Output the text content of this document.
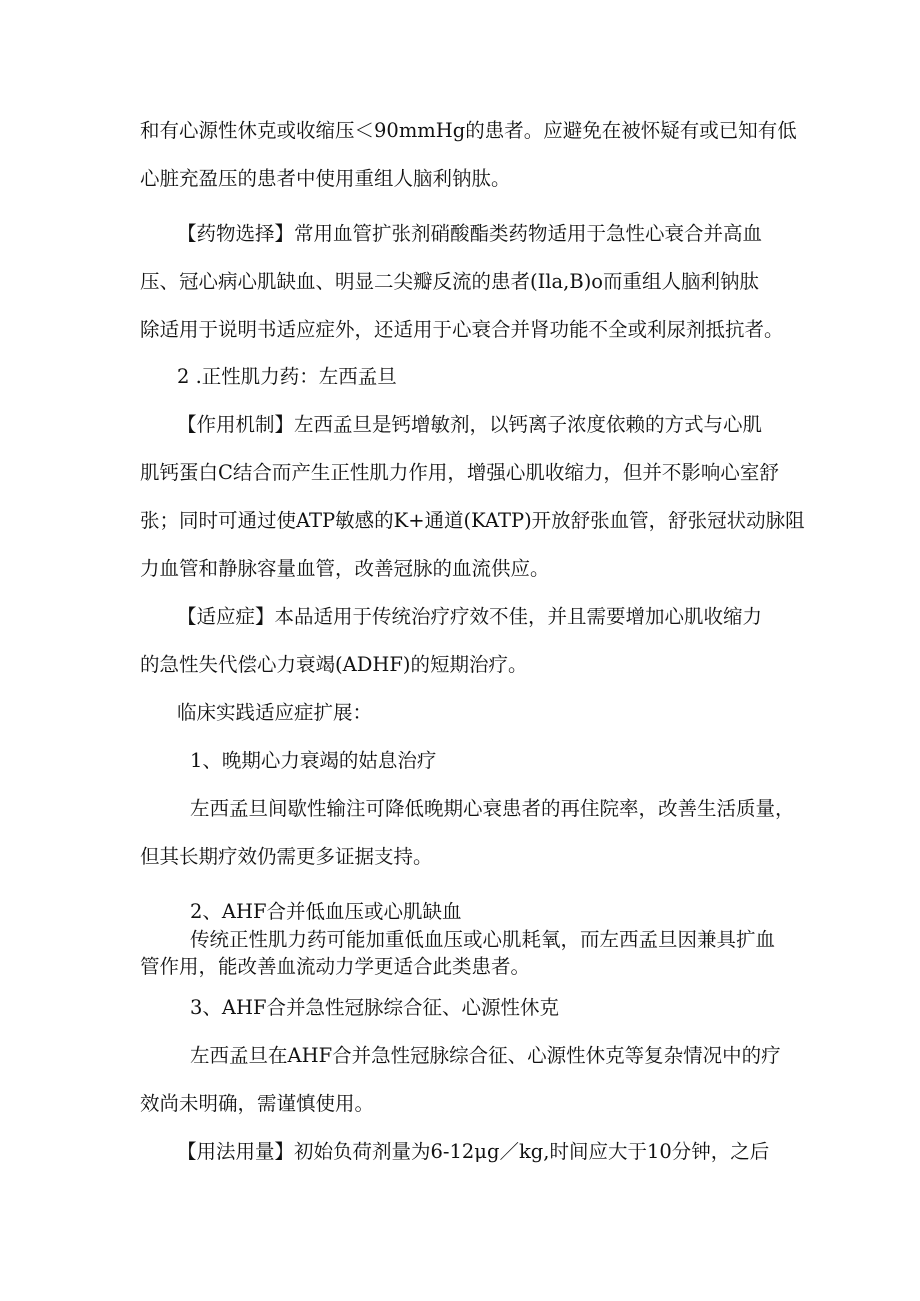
和有心源性休克或收缩压＜90mmHg的患者。应避免在被怀疑有或已知有低
心脏充盈压的患者中使用重组人脑利钠肽。
【药物选择】常用血管扩张剂硝酸酯类药物适用于急性心衰合并高血
压、冠心病心肌缺血、明显二尖瓣反流的患者(Ila,B)o而重组人脑利钠肽
除适用于说明书适应症外，还适用于心衰合并肾功能不全或利尿剂抵抗者。
2 .正性肌力药：左西孟旦
【作用机制】左西孟旦是钙增敏剂，以钙离子浓度依赖的方式与心肌
肌钙蛋白C结合而产生正性肌力作用，增强心肌收缩力，但并不影响心室舒
张；同时可通过使ATP敏感的K+通道(KATP)开放舒张血管，舒张冠状动脉阻
力血管和静脉容量血管，改善冠脉的血流供应。
【适应症】本品适用于传统治疗疗效不佳，并且需要增加心肌收缩力
的急性失代偿心力衰竭(ADHF)的短期治疗。
临床实践适应症扩展：
1、晚期心力衰竭的姑息治疗
左西孟旦间歇性输注可降低晚期心衰患者的再住院率，改善生活质量，
但其长期疗效仍需更多证据支持。
2、AHF合并低血压或心肌缺血
传统正性肌力药可能加重低血压或心肌耗氧，而左西孟旦因兼具扩血
管作用，能改善血流动力学更适合此类患者。
3、AHF合并急性冠脉综合征、心源性休克
左西孟旦在AHF合并急性冠脉综合征、心源性休克等复杂情况中的疗
效尚未明确，需谨慎使用。
【用法用量】初始负荷剂量为6-12μg／kg,时间应大于10分钟，之后
